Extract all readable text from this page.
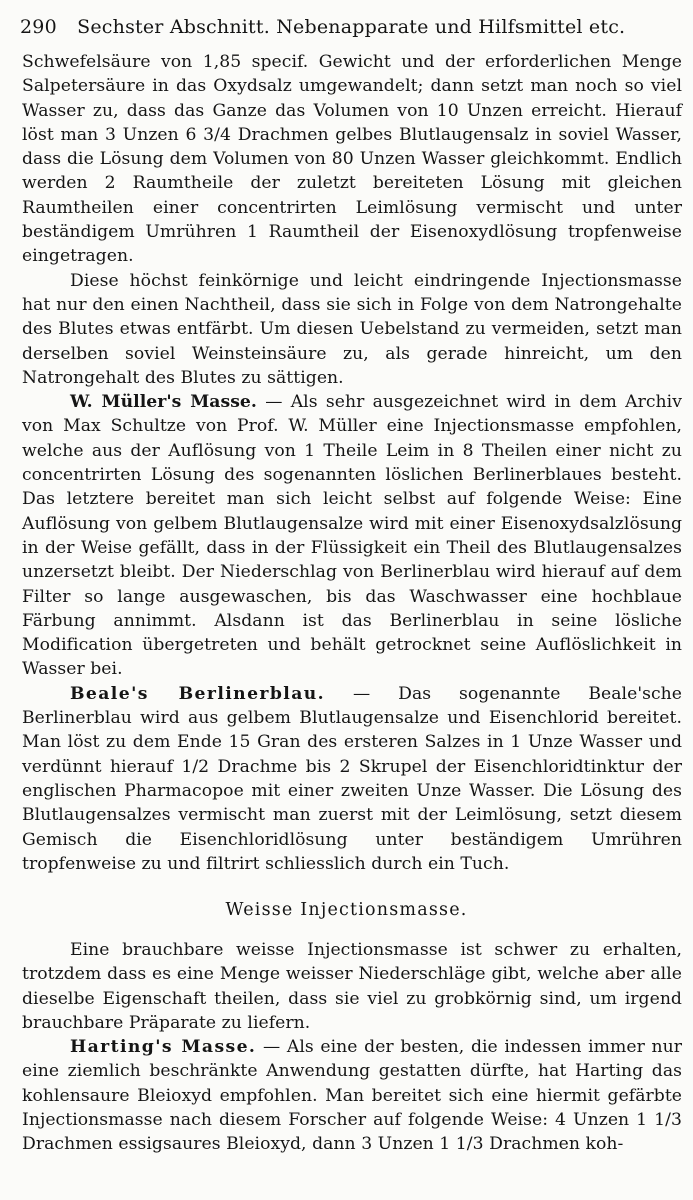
290 Sechster Abschnitt. Nebenapparate und Hilfsmittel etc.

Schwefelsäure von 1,85 specif. Gewicht und der erforderlichen Menge Salpetersäure in das Oxydsalz umgewandelt; dann setzt man noch so viel Wasser zu, dass das Ganze das Volumen von 10 Unzen erreicht. Hierauf löst man 3 Unzen 6 3/4 Drachmen gelbes Blutlaugensalz in soviel Wasser, dass die Lösung dem Volumen von 80 Unzen Wasser gleichkommt. Endlich werden 2 Raumtheile der zuletzt bereiteten Lösung mit gleichen Raumtheilen einer concentrirten Leimlösung vermischt und unter beständigem Umrühren 1 Raumtheil der Eisenoxydlösung tropfenweise eingetragen.

Diese höchst feinkörnige und leicht eindringende Injectionsmasse hat nur den einen Nachtheil, dass sie sich in Folge von dem Natrongehalte des Blutes etwas entfärbt. Um diesen Uebelstand zu vermeiden, setzt man derselben soviel Weinsteinsäure zu, als gerade hinreicht, um den Natrongehalt des Blutes zu sättigen.

W. Müller's Masse. — Als sehr ausgezeichnet wird in dem Archiv von Max Schultze von Prof. W. Müller eine Injectionsmasse empfohlen, welche aus der Auflösung von 1 Theile Leim in 8 Theilen einer nicht zu concentrirten Lösung des sogenannten löslichen Berlinerblaues besteht. Das letztere bereitet man sich leicht selbst auf folgende Weise: Eine Auflösung von gelbem Blutlaugensalze wird mit einer Eisenoxydsalzlösung in der Weise gefällt, dass in der Flüssigkeit ein Theil des Blutlaugensalzes unzersetzt bleibt. Der Niederschlag von Berlinerblau wird hierauf auf dem Filter so lange ausgewaschen, bis das Waschwasser eine hochblaue Färbung annimmt. Alsdann ist das Berlinerblau in seine lösliche Modification übergetreten und behält getrocknet seine Auflöslichkeit in Wasser bei.

Beale's Berlinerblau. — Das sogenannte Beale'sche Berlinerblau wird aus gelbem Blutlaugensalze und Eisenchlorid bereitet. Man löst zu dem Ende 15 Gran des ersteren Salzes in 1 Unze Wasser und verdünnt hierauf 1/2 Drachme bis 2 Skrupel der Eisenchloridtinktur der englischen Pharmacopoe mit einer zweiten Unze Wasser. Die Lösung des Blutlaugensalzes vermischt man zuerst mit der Leimlösung, setzt diesem Gemisch die Eisenchloridlösung unter beständigem Umrühren tropfenweise zu und filtrirt schliesslich durch ein Tuch.

Weisse Injectionsmasse.

Eine brauchbare weisse Injectionsmasse ist schwer zu erhalten, trotzdem dass es eine Menge weisser Niederschläge gibt, welche aber alle dieselbe Eigenschaft theilen, dass sie viel zu grobkörnig sind, um irgend brauchbare Präparate zu liefern.

Harting's Masse. — Als eine der besten, die indessen immer nur eine ziemlich beschränkte Anwendung gestatten dürfte, hat Harting das kohlensaure Bleioxyd empfohlen. Man bereitet sich eine hiermit gefärbte Injectionsmasse nach diesem Forscher auf folgende Weise: 4 Unzen 1 1/3 Drachmen essigsaures Bleioxyd, dann 3 Unzen 1 1/3 Drachmen koh-
